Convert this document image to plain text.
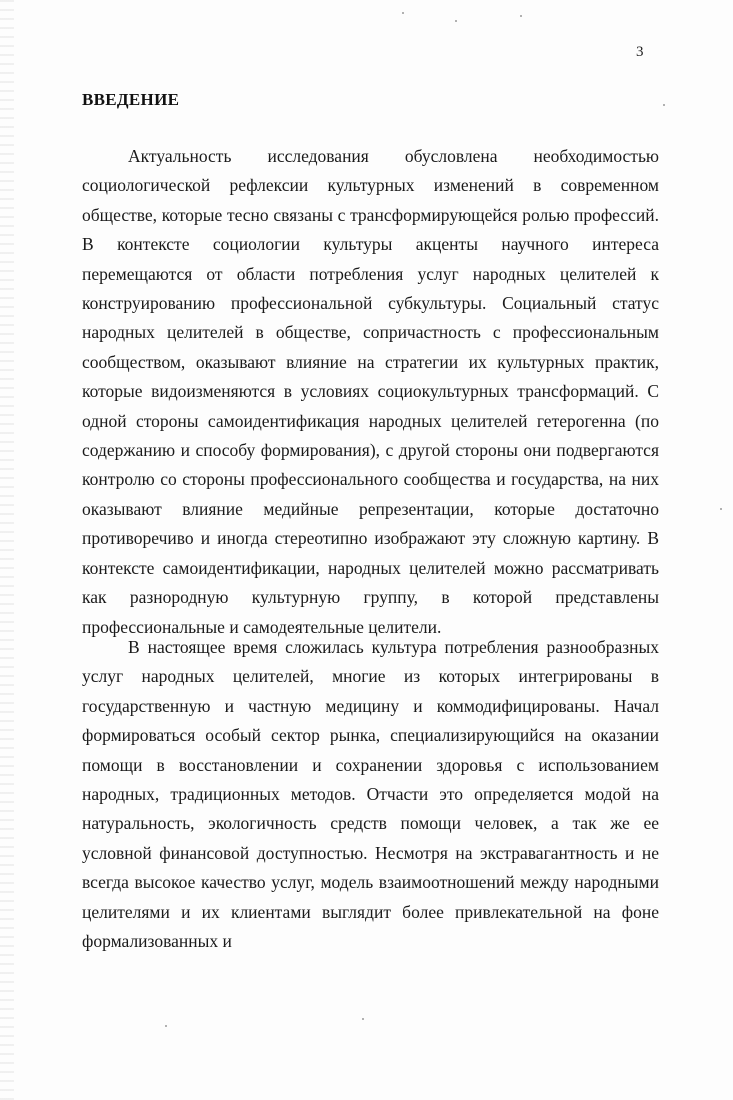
3
ВВЕДЕНИЕ

Актуальность исследования обусловлена необходимостью социологической рефлексии культурных изменений в современном обществе, которые тесно связаны с трансформирующейся ролью профессий. В контексте социологии культуры акценты научного интереса перемещаются от области потребления услуг народных целителей к конструированию профессиональной субкультуры. Социальный статус народных целителей в обществе, сопричастность с профессиональным сообществом, оказывают влияние на стратегии их культурных практик, которые видоизменяются в условиях социокультурных трансформаций. С одной стороны самоидентификация народных целителей гетерогенна (по содержанию и способу формирования), с другой стороны они подвергаются контролю со стороны профессионального сообщества и государства, на них оказывают влияние медийные репрезентации, которые достаточно противоречиво и иногда стереотипно изображают эту сложную картину. В контексте самоидентификации, народных целителей можно рассматривать как разнородную культурную группу, в которой представлены профессиональные и самодеятельные целители.

В настоящее время сложилась культура потребления разнообразных услуг народных целителей, многие из которых интегрированы в государственную и частную медицину и коммодифицированы. Начал формироваться особый сектор рынка, специализирующийся на оказании помощи в восстановлении и сохранении здоровья с использованием народных, традиционных методов. Отчасти это определяется модой на натуральность, экологичность средств помощи человек, а так же ее условной финансовой доступностью. Несмотря на экстравагантность и не всегда высокое качество услуг, модель взаимоотношений между народными целителями и их клиентами выглядит более привлекательной на фоне формализованных и
